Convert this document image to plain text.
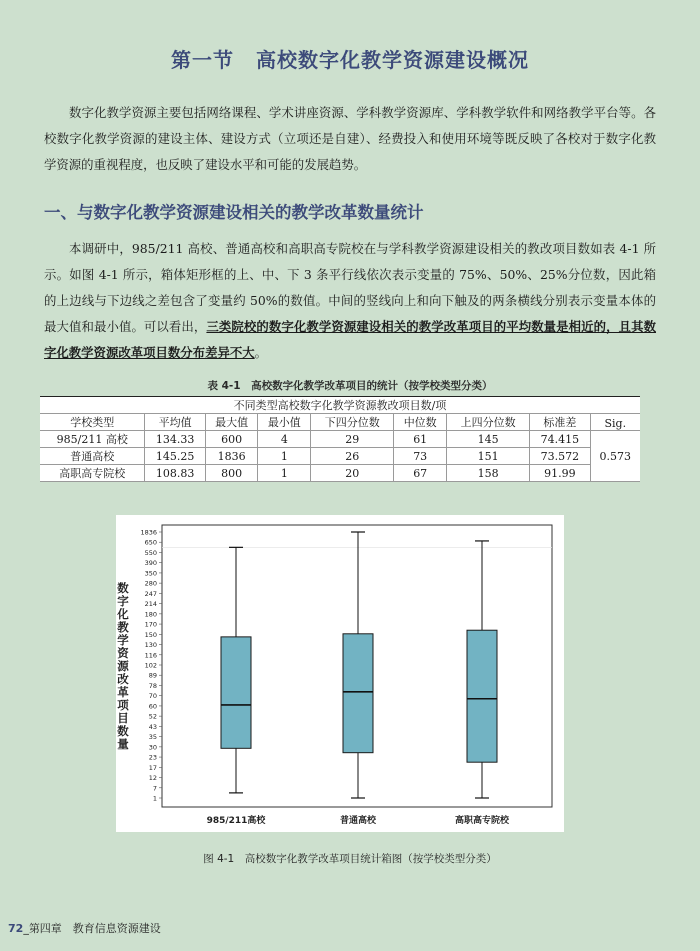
第一节 高校数字化教学资源建设概况

数字化教学资源主要包括网络课程、学术讲座资源、学科教学资源库、学科教学软件和网络教学平台等。各校数字化教学资源的建设主体、建设方式（立项还是自建）、经费投入和使用环境等既反映了各校对于数字化教学资源的重视程度，也反映了建设水平和可能的发展趋势。

一、与数字化教学资源建设相关的教学改革数量统计

本调研中，985/211 高校、普通高校和高职高专院校在与学科教学资源建设相关的教改项目数如表 4-1 所示。如图 4-1 所示，箱体矩形框的上、中、下 3 条平行线依次表示变量的 75%、50%、25%分位数，因此箱的上边线与下边线之差包含了变量约 50%的数值。中间的竖线向上和向下触及的两条横线分别表示变量本体的最大值和最小值。可以看出，三类院校的数字化教学资源建设相关的教学改革项目的平均数量是相近的，且其数字化教学资源改革项目数分布差异不大。

表 4-1　高校数字化教学改革项目的统计（按学校类型分类）
不同类型高校数字化教学资源教改项目数/项								
学校类型	平均值	最大值	最小值	下四分位数	中位数	上四分位数	标准差	Sig.
985/211 高校	134.33	600	4	29	61	145	74.415	0.573
普通高校	145.25	1836	1	26	73	151	73.572	
高职高专院校	108.83	800	1	20	67	158	91.99	
1
7
12
17
23
30
35
43
52
60
70
78
89
102
116
130
150
170
180
214
247
280
350
390
550
650
1836
数
字
化
教
学
资
源
改
革
项
目
数
量
985/211高校	普通高校	高职高专院校
图 4-1　高校数字化教学改革项目统计箱图（按学校类型分类）
72_第四章　教育信息资源建设
